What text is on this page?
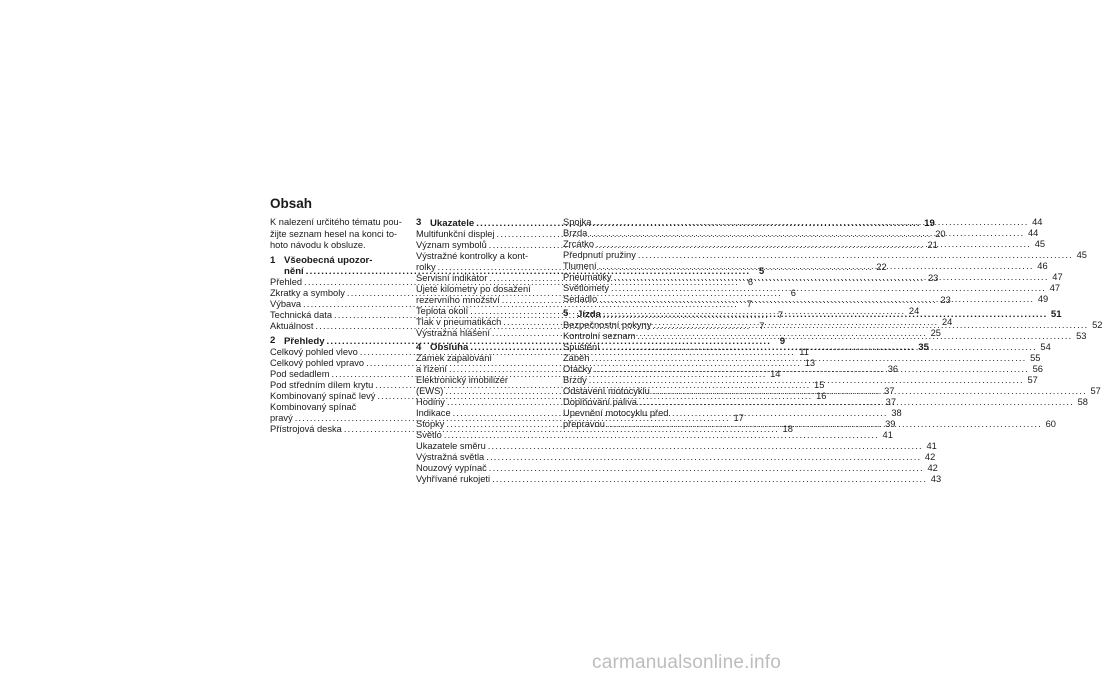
Obsah
K nalezení určitého tématu pou-
žijte seznam hesel na konci to-
hoto návodu k obsluze.
1 Všeobecná upozor-
nění .....	5
Přehled .....	6
Zkratky a symboly .....	6
Výbava .....	7
Technická data .....	7
Aktuálnost .....	7
2 Přehledy .....	9
Celkový pohled vlevo .....	11
Celkový pohled vpravo .....	13
Pod sedadlem .....	14
Pod středním dílem krytu .....	15
Kombinovaný spínač levý .....	16
Kombinovaný spínač
pravý .....	17
Přístrojová deska .....	18
3 Ukazatele .....	19
Multifunkční displej .....	20
Význam symbolů .....	21
Výstražné kontrolky a kont-
rolky .....	22
Servisní indikátor .....	23
Ujeté kilometry po dosažení
rezervního množství .....	23
Teplota okolí .....	24
Tlak v pneumatikách .....	24
Výstražná hlášení .....	25
4 Obsluha .....	35
Zámek zapalování
a řízení .....	36
Elektronický imobilizér
(EWS) .....	37
Hodiny .....	37
Indikace .....	38
Stopky .....	39
Světlo .....	41
Ukazatele směru .....	41
Výstražná světla .....	42
Nouzový vypínač .....	42
Vyhřívané rukojeti .....	43
Spojka .....	44
Brzda .....	44
Zrcátko .....	45
Předpnutí pružiny .....	45
Tlumení .....	46
Pneumatiky .....	47
Světlomety .....	47
Sedadlo .....	49
5 Jízda .....	51
Bezpečnostní pokyny .....	52
Kontrolní seznam .....	53
Spuštění .....	54
Záběh .....	55
Otáčky .....	56
Brzdy .....	57
Odstavení motocyklu .....	57
Doplňování paliva .....	58
Upevnění motocyklu před
přepravou .....	60
carmanualsonline.info
